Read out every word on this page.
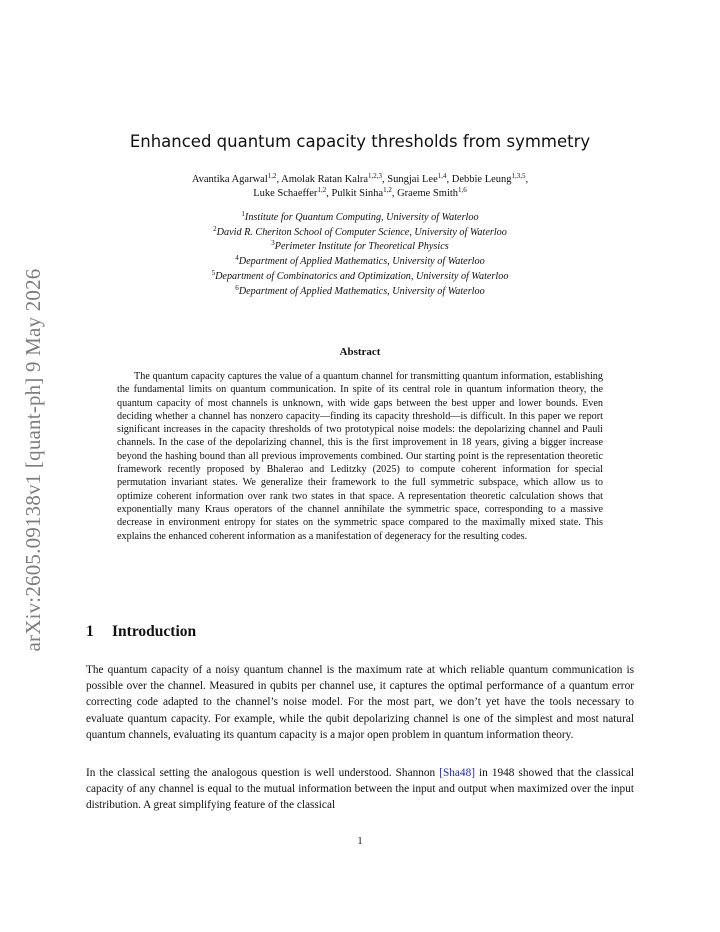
arXiv:2605.09138v1 [quant-ph] 9 May 2026
Enhanced quantum capacity thresholds from symmetry
Avantika Agarwal$^{1,2}$, Amolak Ratan Kalra$^{1,2,3}$, Sungjai Lee$^{1,4}$, Debbie Leung$^{1,3,5}$,
Luke Schaeffer$^{1,2}$, Pulkit Sinha$^{1,2}$, Graeme Smith$^{1,6}$
$^1$Institute for Quantum Computing, University of Waterloo
$^2$David R. Cheriton School of Computer Science, University of Waterloo
$^3$Perimeter Institute for Theoretical Physics
$^4$Department of Applied Mathematics, University of Waterloo
$^5$Department of Combinatorics and Optimization, University of Waterloo
$^6$Department of Applied Mathematics, University of Waterloo
Abstract

The quantum capacity captures the value of a quantum channel for transmitting quantum information, establishing the fundamental limits on quantum communication. In spite of its central role in quantum information theory, the quantum capacity of most channels is unknown, with wide gaps between the best upper and lower bounds. Even deciding whether a channel has nonzero capacity—finding its capacity threshold—is difficult. In this paper we report significant increases in the capacity thresholds of two prototypical noise models: the depolarizing channel and Pauli channels. In the case of the depolarizing channel, this is the first improvement in 18 years, giving a bigger increase beyond the hashing bound than all previous improvements combined. Our starting point is the representation theoretic framework recently proposed by Bhalerao and Leditzky (2025) to compute coherent information for special permutation invariant states. We generalize their framework to the full symmetric subspace, which allow us to optimize coherent information over rank two states in that space. A representation theoretic calculation shows that exponentially many Kraus operators of the channel annihilate the symmetric space, corresponding to a massive decrease in environment entropy for states on the symmetric space compared to the maximally mixed state. This explains the enhanced coherent information as a manifestation of degeneracy for the resulting codes.

1 Introduction

The quantum capacity of a noisy quantum channel is the maximum rate at which reliable quantum communication is possible over the channel. Measured in qubits per channel use, it captures the optimal performance of a quantum error correcting code adapted to the channel’s noise model. For the most part, we don’t yet have the tools necessary to evaluate quantum capacity. For example, while the qubit depolarizing channel is one of the simplest and most natural quantum channels, evaluating its quantum capacity is a major open problem in quantum information theory.

In the classical setting the analogous question is well understood. Shannon [Sha48] in 1948 showed that the classical capacity of any channel is equal to the mutual information between the input and output when maximized over the input distribution. A great simplifying feature of the classical

1
